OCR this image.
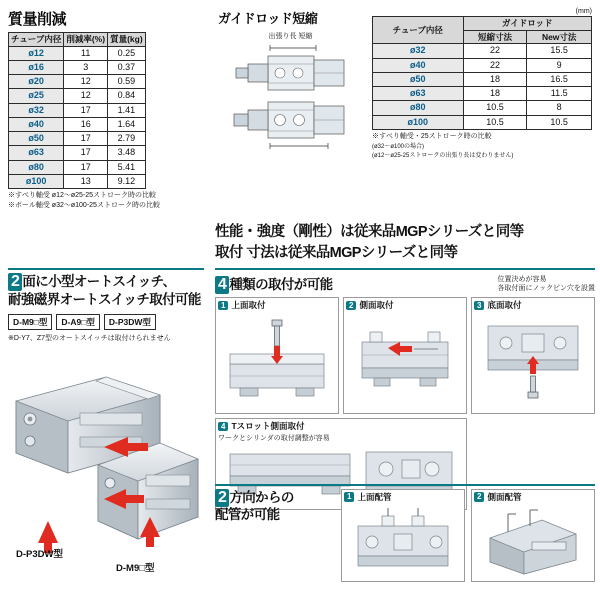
質量削減
チューブ内径	削減率(%)	質量(kg)
ø12	11	0.25
ø16	3	0.37
ø20	12	0.59
ø25	12	0.84
ø32	17	1.41
ø40	16	1.64
ø50	17	2.79
ø63	17	3.48
ø80	17	5.41
ø100	13	9.12
※すべり軸受 ø12～ø25-25ストローク時の比較
※ボール軸受 ø32～ø100-25ストローク時の比較
ガイドロッド短縮
出張り長 短縮
(mm)
チューブ内径	ガイドロッド	
	短縮寸法	New寸法
ø32	22	15.5
ø40	22	9
ø50	18	16.5
ø63	18	11.5
ø80	10.5	8
ø100	10.5	10.5
※すべり軸受・25ストローク時の比較
(ø32～ø100の場合)
(ø12～ø25-25ストロークの出張り長は変わりません)
性能・強度（剛性）は従来品MGPシリーズと同等
取付 寸法は従来品MGPシリーズと同等
2 面に小型オートスイッチ、
耐強磁界オートスイッチ取付可能
D-M9□型	D-A9□型	D-P3DW型
※D-Y7、Z7型のオートスイッチは取付けられません
D-P3DW型
D-M9□型
4 種類の取付が可能	位置決めが容易
各取付面にノックピン穴を設置
1 上面取付	2 側面取付	3 底面取付
4 Tスロット側面取付
ワークとシリンダの取付調整が容易
2 方向からの
配管が可能
1 上面配管	2 側面配管
